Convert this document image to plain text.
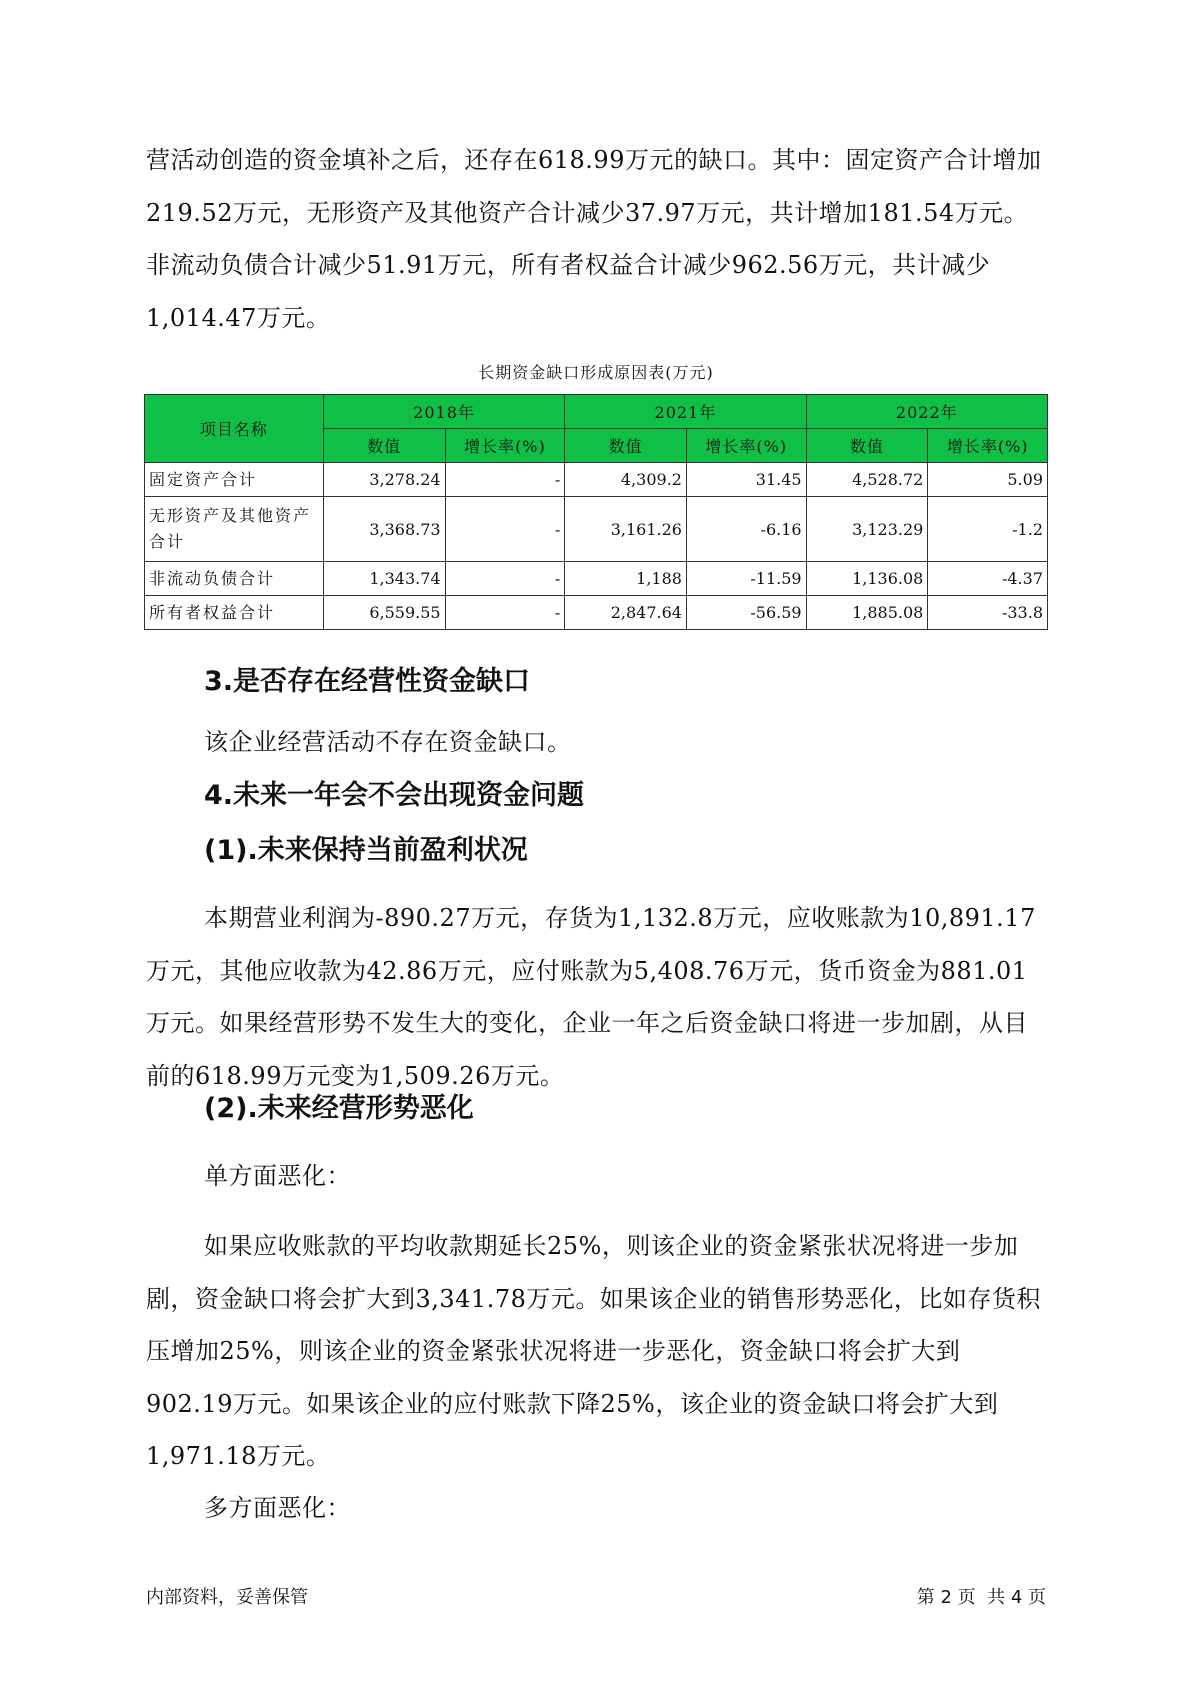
营活动创造的资金填补之后，还存在618.99万元的缺口。其中：固定资产合计增加219.52万元，无形资产及其他资产合计减少37.97万元，共计增加181.54万元。非流动负债合计减少51.91万元，所有者权益合计减少962.56万元，共计减少1,014.47万元。

长期资金缺口形成原因表(万元)
项目名称	2018年		2021年		2022年	
	数值	增长率(%)	数值	增长率(%)	数值	增长率(%)
固定资产合计	3,278.24	-	4,309.2	31.45	4,528.72	5.09
无形资产及其他资产合计	3,368.73	-	3,161.26	-6.16	3,123.29	-1.2
非流动负债合计	1,343.74	-	1,188	-11.59	1,136.08	-4.37
所有者权益合计	6,559.55	-	2,847.64	-56.59	1,885.08	-33.8
3.是否存在经营性资金缺口

该企业经营活动不存在资金缺口。

4.未来一年会不会出现资金问题
(1).未来保持当前盈利状况

本期营业利润为-890.27万元，存货为1,132.8万元，应收账款为10,891.17万元，其他应收款为42.86万元，应付账款为5,408.76万元，货币资金为881.01万元。如果经营形势不发生大的变化，企业一年之后资金缺口将进一步加剧，从目前的618.99万元变为1,509.26万元。

(2).未来经营形势恶化

单方面恶化：

如果应收账款的平均收款期延长25%，则该企业的资金紧张状况将进一步加剧，资金缺口将会扩大到3,341.78万元。如果该企业的销售形势恶化，比如存货积压增加25%，则该企业的资金紧张状况将进一步恶化，资金缺口将会扩大到902.19万元。如果该企业的应付账款下降25%，该企业的资金缺口将会扩大到1,971.18万元。

多方面恶化：

内部资料，妥善保管	第 2 页  共 4 页
